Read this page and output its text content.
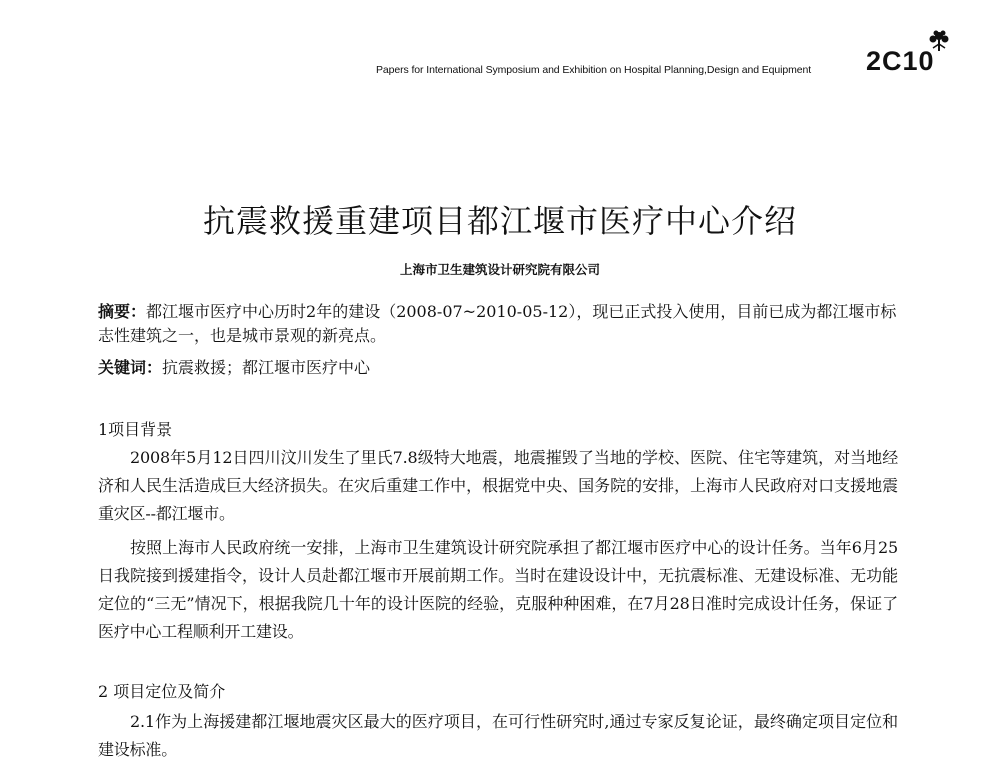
Papers for International Symposium and Exhibition on Hospital Planning,Design and Equipment 2C10
抗震救援重建项目都江堰市医疗中心介绍
上海市卫生建筑设计研究院有限公司
摘要：都江堰市医疗中心历时2年的建设（2008-07~2010-05-12），现已正式投入使用，目前已成为都江堰市标志性建筑之一，也是城市景观的新亮点。
关键词：抗震救援；都江堰市医疗中心
1项目背景
2008年5月12日四川汶川发生了里氏7.8级特大地震，地震摧毁了当地的学校、医院、住宅等建筑，对当地经济和人民生活造成巨大经济损失。在灾后重建工作中，根据党中央、国务院的安排，上海市人民政府对口支援地震重灾区--都江堰市。
按照上海市人民政府统一安排，上海市卫生建筑设计研究院承担了都江堰市医疗中心的设计任务。当年6月25日我院接到援建指令，设计人员赴都江堰市开展前期工作。当时在建设设计中，无抗震标准、无建设标准、无功能定位的“三无”情况下，根据我院几十年的设计医院的经验，克服种种困难，在7月28日准时完成设计任务，保证了医疗中心工程顺利开工建设。
2 项目定位及简介
2.1作为上海援建都江堰地震灾区最大的医疗项目，在可行性研究时,通过专家反复论证，最终确定项目定位和建设标准。
